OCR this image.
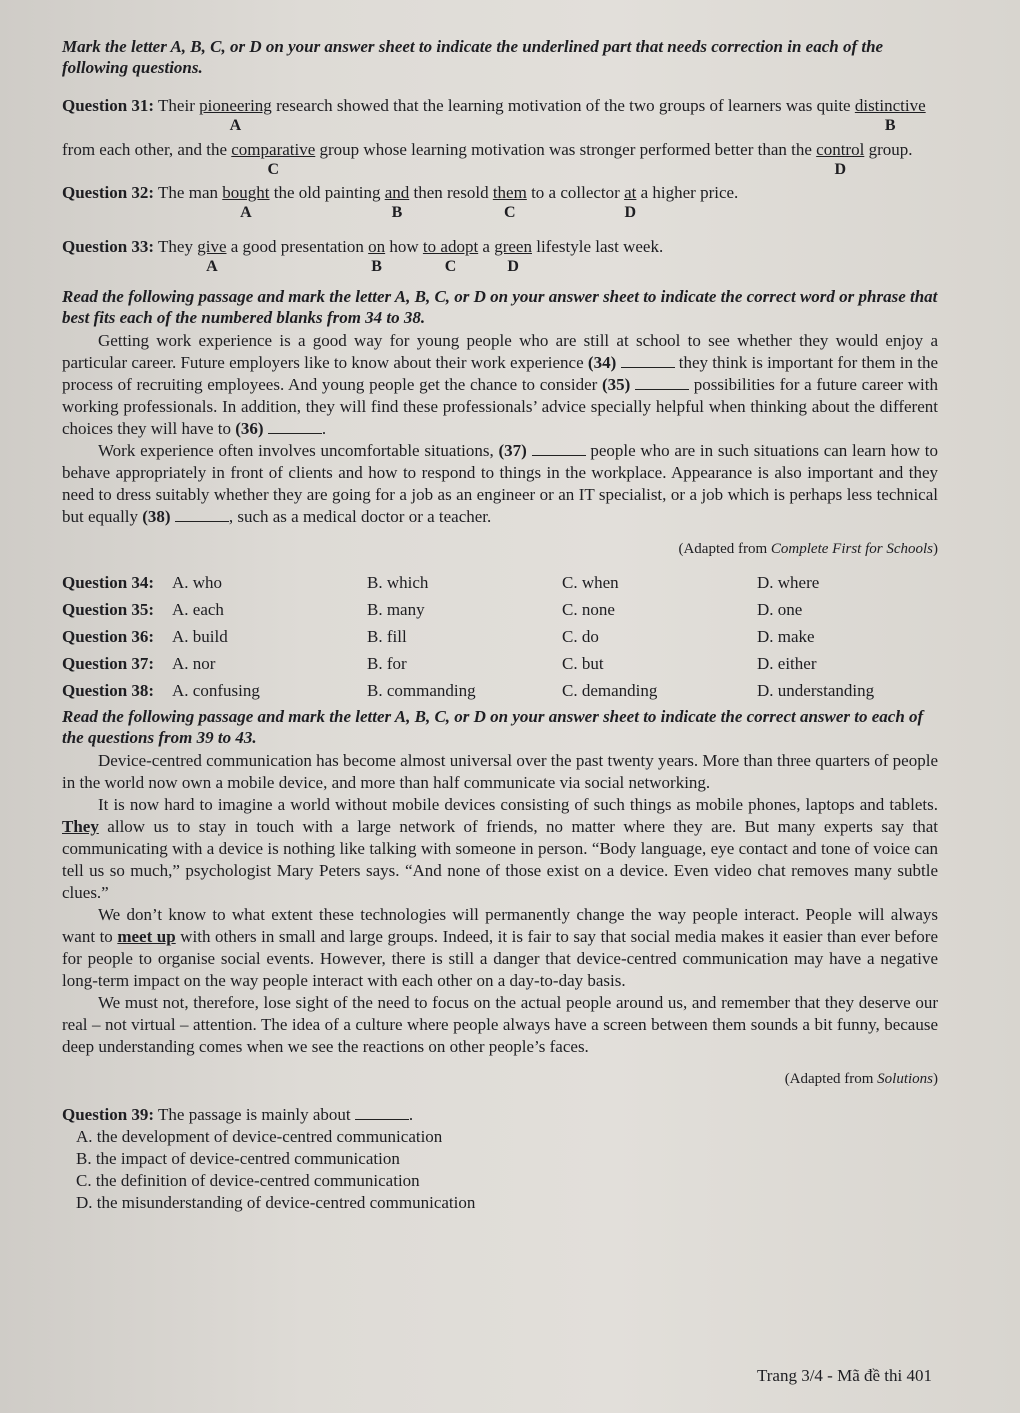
Mark the letter A, B, C, or D on your answer sheet to indicate the underlined part that needs correction in each of the following questions.

Question 31: Their pioneering
A
research showed that the learning motivation of the two groups of learners was quite distinctive
B
from each other, and the comparative
C
group whose learning motivation was stronger performed better than the control
D
group.
Question 32: The man bought
A
the old painting and
B
then resold them
C
to a collector at
D
a higher price.
Question 33: They give
A
a good presentation on
B
how to adopt
C
a green
D
lifestyle last week.

Read the following passage and mark the letter A, B, C, or D on your answer sheet to indicate the correct word or phrase that best fits each of the numbered blanks from 34 to 38.

Getting work experience is a good way for young people who are still at school to see whether they would enjoy a particular career. Future employers like to know about their work experience (34)	they think is important for them in the process of recruiting employees. And young people get the chance to consider (35)	possibilities for a future career with working professionals. In addition, they will find these professionals’ advice specially helpful when thinking about the different choices they will have to (36)	.

Work experience often involves uncomfortable situations, (37)	people who are in such situations can learn how to behave appropriately in front of clients and how to respond to things in the workplace. Appearance is also important and they need to dress suitably whether they are going for a job as an engineer or an IT specialist, or a job which is perhaps less technical but equally (38)	, such as a medical doctor or a teacher.

(Adapted from Complete First for Schools)
Question 34:	A. who	B. which	C. when	D. where
Question 35:	A. each	B. many	C. none	D. one
Question 36:	A. build	B. fill	C. do	D. make
Question 37:	A. nor	B. for	C. but	D. either
Question 38:	A. confusing	B. commanding	C. demanding	D. understanding

Read the following passage and mark the letter A, B, C, or D on your answer sheet to indicate the correct answer to each of the questions from 39 to 43.

Device-centred communication has become almost universal over the past twenty years. More than three quarters of people in the world now own a mobile device, and more than half communicate via social networking.

It is now hard to imagine a world without mobile devices consisting of such things as mobile phones, laptops and tablets. They allow us to stay in touch with a large network of friends, no matter where they are. But many experts say that communicating with a device is nothing like talking with someone in person. “Body language, eye contact and tone of voice can tell us so much,” psychologist Mary Peters says. “And none of those exist on a device. Even video chat removes many subtle clues.”

We don’t know to what extent these technologies will permanently change the way people interact. People will always want to meet up with others in small and large groups. Indeed, it is fair to say that social media makes it easier than ever before for people to organise social events. However, there is still a danger that device-centred communication may have a negative long-term impact on the way people interact with each other on a day-to-day basis.

We must not, therefore, lose sight of the need to focus on the actual people around us, and remember that they deserve our real – not virtual – attention. The idea of a culture where people always have a screen between them sounds a bit funny, because deep understanding comes when we see the reactions on other people’s faces.

(Adapted from Solutions)
Question 39: The passage is mainly about	.
A. the development of device-centred communication
B. the impact of device-centred communication
C. the definition of device-centred communication
D. the misunderstanding of device-centred communication
Trang 3/4 - Mã đề thi 401
